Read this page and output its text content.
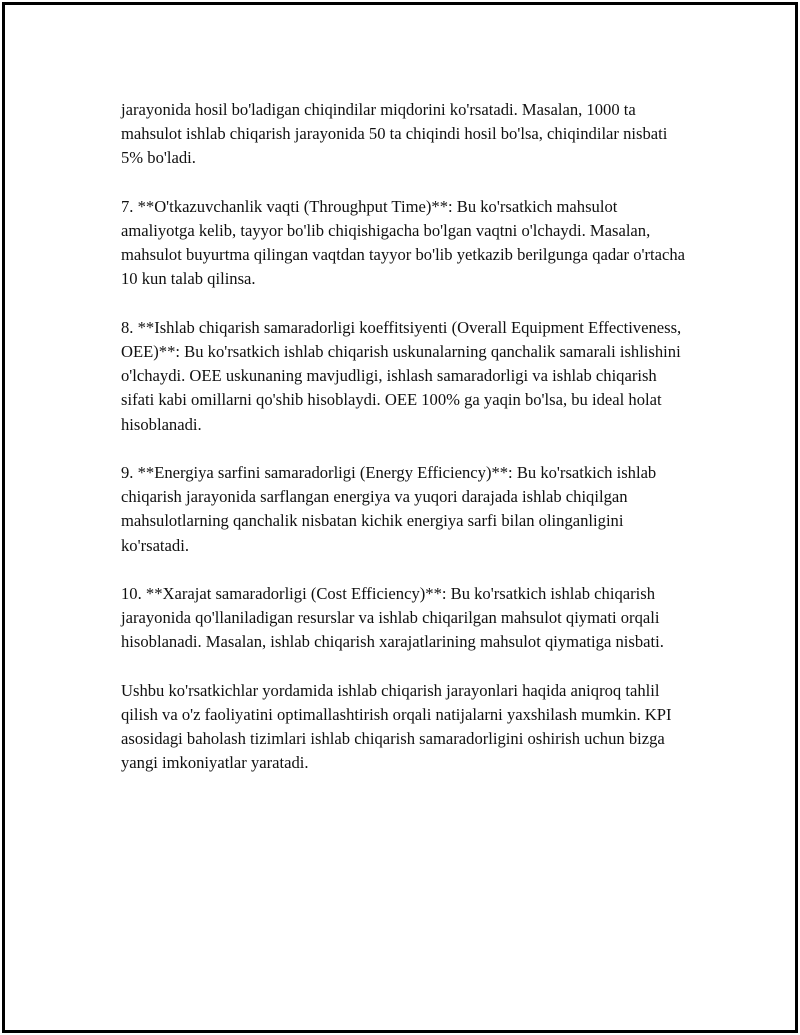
jarayonida hosil bo'ladigan chiqindilar miqdorini ko'rsatadi. Masalan, 1000 ta mahsulot ishlab chiqarish jarayonida 50 ta chiqindi hosil bo'lsa, chiqindilar nisbati 5% bo'ladi.

7. **O'tkazuvchanlik vaqti (Throughput Time)**: Bu ko'rsatkich mahsulot amaliyotga kelib, tayyor bo'lib chiqishigacha bo'lgan vaqtni o'lchaydi. Masalan, mahsulot buyurtma qilingan vaqtdan tayyor bo'lib yetkazib berilgunga qadar o'rtacha 10 kun talab qilinsa.

8. **Ishlab chiqarish samaradorligi koeffitsiyenti (Overall Equipment Effectiveness, OEE)**: Bu ko'rsatkich ishlab chiqarish uskunalarning qanchalik samarali ishlishini o'lchaydi. OEE uskunaning mavjudligi, ishlash samaradorligi va ishlab chiqarish sifati kabi omillarni qo'shib hisoblaydi. OEE 100% ga yaqin bo'lsa, bu ideal holat hisoblanadi.

9. **Energiya sarfini samaradorligi (Energy Efficiency)**: Bu ko'rsatkich ishlab chiqarish jarayonida sarflangan energiya va yuqori darajada ishlab chiqilgan mahsulotlarning qanchalik nisbatan kichik energiya sarfi bilan olinganligini ko'rsatadi.

10. **Xarajat samaradorligi (Cost Efficiency)**: Bu ko'rsatkich ishlab chiqarish jarayonida qo'llaniladigan resurslar va ishlab chiqarilgan mahsulot qiymati orqali hisoblanadi. Masalan, ishlab chiqarish xarajatlarining mahsulot qiymatiga nisbati.

Ushbu ko'rsatkichlar yordamida ishlab chiqarish jarayonlari haqida aniqroq tahlil qilish va o'z faoliyatini optimallashtirish orqali natijalarni yaxshilash mumkin. KPI asosidagi baholash tizimlari ishlab chiqarish samaradorligini oshirish uchun bizga yangi imkoniyatlar yaratadi.
